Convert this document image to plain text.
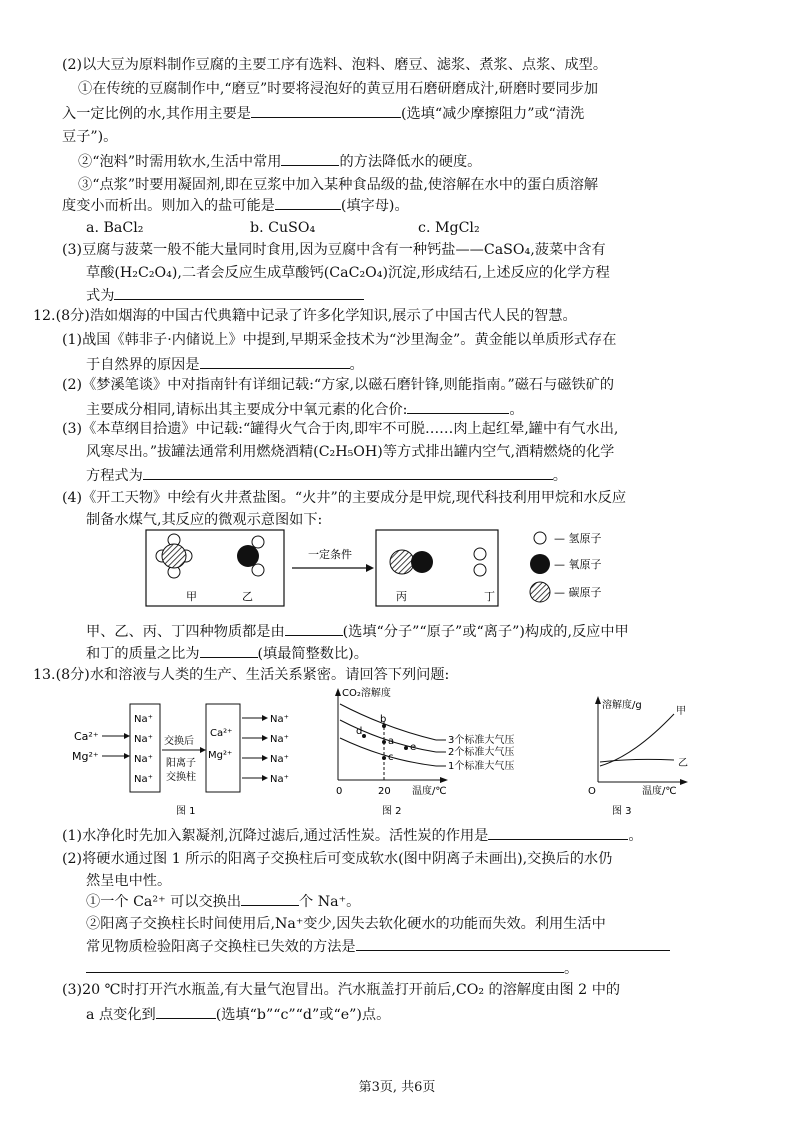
(2)以大豆为原料制作豆腐的主要工序有选料、泡料、磨豆、滤浆、煮浆、点浆、成型。
①在传统的豆腐制作中,“磨豆”时要将浸泡好的黄豆用石磨研磨成汁,研磨时要同步加
入一定比例的水,其作用主要是	(选填“减少摩擦阻力”或“清洗
豆子”)。
②“泡料”时需用软水,生活中常用	的方法降低水的硬度。
③“点浆”时要用凝固剂,即在豆浆中加入某种食品级的盐,使溶解在水中的蛋白质溶解
度变小而析出。则加入的盐可能是	(填字母)。
a. BaCl₂	b. CuSO₄	c. MgCl₂
(3)豆腐与菠菜一般不能大量同时食用,因为豆腐中含有一种钙盐——CaSO₄,菠菜中含有
草酸(H₂C₂O₄),二者会反应生成草酸钙(CaC₂O₄)沉淀,形成结石,上述反应的化学方程
式为
12.(8分)浩如烟海的中国古代典籍中记录了许多化学知识,展示了中国古代人民的智慧。
(1)战国《韩非子·内储说上》中提到,早期采金技术为“沙里淘金”。黄金能以单质形式存在
于自然界的原因是	。
(2)《梦溪笔谈》中对指南针有详细记载:“方家,以磁石磨针锋,则能指南。”磁石与磁铁矿的
主要成分相同,请标出其主要成分中氧元素的化合价:	。
(3)《本草纲目拾遗》中记载:“罐得火气合于肉,即牢不可脱……肉上起红晕,罐中有气水出,
风寒尽出。”拔罐法通常利用燃烧酒精(C₂H₅OH)等方式排出罐内空气,酒精燃烧的化学
方程式为	。
(4)《开工天物》中绘有火井煮盐图。“火井”的主要成分是甲烷,现代科技利用甲烷和水反应
制备水煤气,其反应的微观示意图如下:
甲	乙
一定条件
丙	丁
— 氢原子
— 氧原子
— 碳原子
甲、乙、丙、丁四种物质都是由	(选填“分子”“原子”或“离子”)构成的,反应中甲
和丁的质量之比为	(填最简整数比)。
13.(8分)水和溶液与人类的生产、生活关系紧密。请回答下列问题:
Ca²⁺
Mg²⁺
Na⁺
Na⁺
Na⁺
Na⁺
交换后
阳离子
交换柱
Ca²⁺
Mg²⁺
Na⁺
Na⁺
Na⁺
Na⁺
图 1
CO₂溶解度
温度/℃
0	20
3个标准大气压
2个标准大气压
1个标准大气压
b
a
c
d
e
图 2
溶解度/g
温度/℃
O
甲
乙
图 3
(1)水净化时先加入絮凝剂,沉降过滤后,通过活性炭。活性炭的作用是	。
(2)将硬水通过图 1 所示的阳离子交换柱后可变成软水(图中阴离子未画出),交换后的水仍
然呈电中性。
①一个 Ca²⁺ 可以交换出	个 Na⁺。
②阳离子交换柱长时间使用后,Na⁺变少,因失去软化硬水的功能而失效。利用生活中
常见物质检验阳离子交换柱已失效的方法是
。
(3)20 ℃时打开汽水瓶盖,有大量气泡冒出。汽水瓶盖打开前后,CO₂ 的溶解度由图 2 中的
a 点变化到	(选填“b”“c”“d”或“e”)点。
第3页, 共6页
